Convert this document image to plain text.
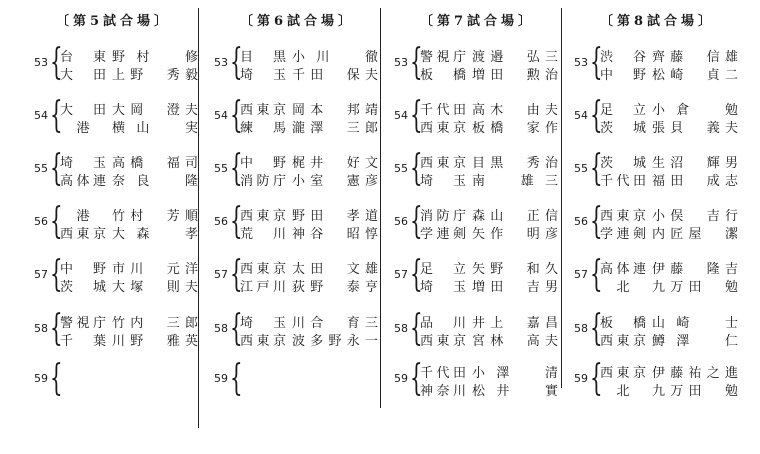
〔第5試合場〕
53 {
台東 野村　修
大田 上野　秀毅
54 {
大田 大岡　澄夫
港	横山　実
55 {
埼玉 高橋　福司
高体連 奈良　隆
56 {	港	竹村　芳順
西東京 大森　孝
57 {
中野 市川　元洋
茨城 大塚　則夫
58 {
警視庁 竹内　三郎
千葉 川野　雅英
59 {
〔第6試合場〕
53 {
目黒 小川　徹
埼玉 千田　保夫
54 {
西東京 岡本　邦靖
練馬 瀧澤　三郎
55 {
中野 梶井　好文
消防庁 小室　憲彦
56 {
西東京 野田　孝道
荒川 神谷　昭惇
57 {
西東京 太田　文雄
江戸川 荻野　泰亨
58 {
埼玉 川合　育三
西東京 波多野永一
59 {
〔第7試合場〕
53 {
警視庁 渡邉　弘三
板橋 増田　勲治
54 {
千代田 高木　由夫
西東京 板橋　家作
55 {
西東京 目黒　秀治
埼玉 南　雄三
56 {
消防庁 森山　正信
学連剣 矢作　明彦
57 {
足立 矢野　和久
埼玉 増田　吉男
58 {
品川 井上　嘉昌
西東京 宮林　高夫
59 {
千代田 小澤　清
神奈川 松井　實
〔第8試合場〕
53 {
渋谷 齊藤　信雄
中野 松崎　貞二
54 {
足立 小倉　勉
茨城 張貝　義夫
55 {
茨城 生沼　輝男
千代田 福田　成志
56 {
西東京 小俣　吉行
学連剣 内匠屋　潔
57 {
高体連 伊藤　隆吉
北	九万田　勉
58 {
板橋 山崎　士
西東京 鱒澤　仁
59 {
西東京 伊藤祐之進
北	九万田　勉
